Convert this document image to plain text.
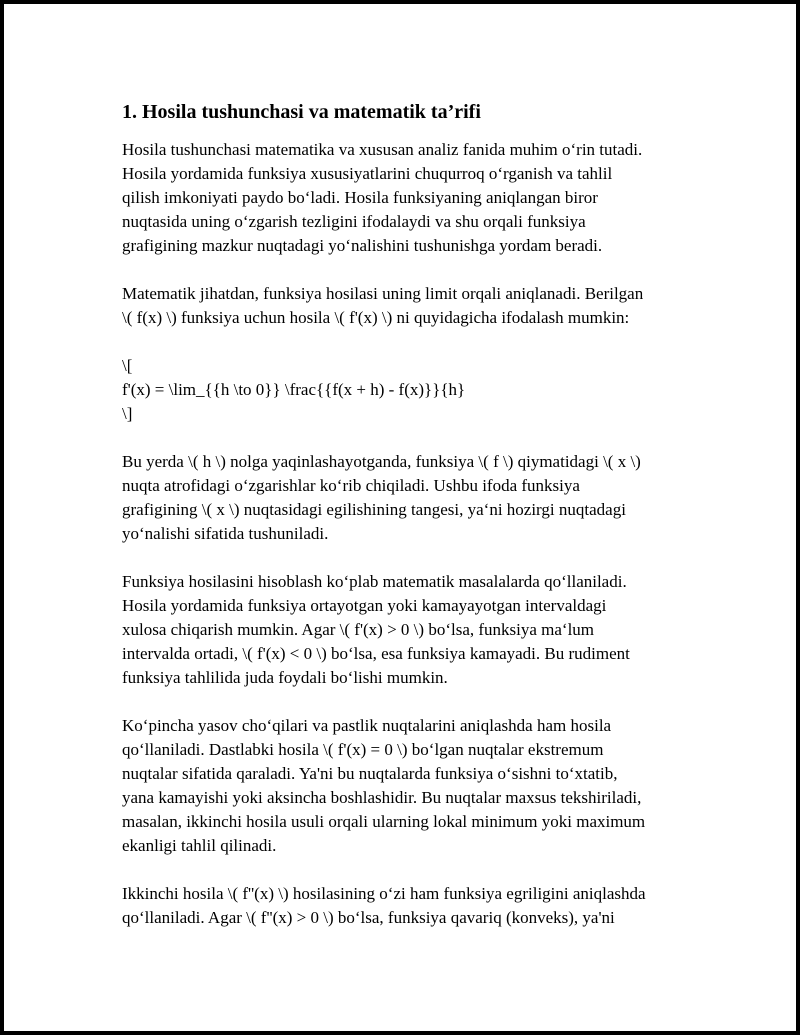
1. Hosila tushunchasi va matematik ta’rifi

Hosila tushunchasi matematika va xususan analiz fanida muhim o‘rin tutadi.
Hosila yordamida funksiya xususiyatlarini chuqurroq o‘rganish va tahlil
qilish imkoniyati paydo bo‘ladi. Hosila funksiyaning aniqlangan biror
nuqtasida uning o‘zgarish tezligini ifodalaydi va shu orqali funksiya
grafigining mazkur nuqtadagi yo‘nalishini tushunishga yordam beradi.

Matematik jihatdan, funksiya hosilasi uning limit orqali aniqlanadi. Berilgan
\( f(x) \) funksiya uchun hosila \( f'(x) \) ni quyidagicha ifodalash mumkin:

\[
f'(x) = \lim_{{h \to 0}} \frac{{f(x + h) - f(x)}}{h}
\]

Bu yerda \( h \) nolga yaqinlashayotganda, funksiya \( f \) qiymatidagi \( x \)
nuqta atrofidagi o‘zgarishlar ko‘rib chiqiladi. Ushbu ifoda funksiya
grafigining \( x \) nuqtasidagi egilishining tangesi, ya‘ni hozirgi nuqtadagi
yo‘nalishi sifatida tushuniladi.

Funksiya hosilasini hisoblash ko‘plab matematik masalalarda qo‘llaniladi.
Hosila yordamida funksiya ortayotgan yoki kamayayotgan intervaldagi
xulosa chiqarish mumkin. Agar \( f'(x) > 0 \) bo‘lsa, funksiya ma‘lum
intervalda ortadi, \( f'(x) < 0 \) bo‘lsa, esa funksiya kamayadi. Bu rudiment
funksiya tahlilida juda foydali bo‘lishi mumkin.

Ko‘pincha yasov cho‘qilari va pastlik nuqtalarini aniqlashda ham hosila
qo‘llaniladi. Dastlabki hosila \( f'(x) = 0 \) bo‘lgan nuqtalar ekstremum
nuqtalar sifatida qaraladi. Ya'ni bu nuqtalarda funksiya o‘sishni to‘xtatib,
yana kamayishi yoki aksincha boshlashidir. Bu nuqtalar maxsus tekshiriladi,
masalan, ikkinchi hosila usuli orqali ularning lokal minimum yoki maximum
ekanligi tahlil qilinadi.

Ikkinchi hosila \( f''(x) \) hosilasining o‘zi ham funksiya egriligini aniqlashda
qo‘llaniladi. Agar \( f''(x) > 0 \) bo‘lsa, funksiya qavariq (konveks), ya'ni
